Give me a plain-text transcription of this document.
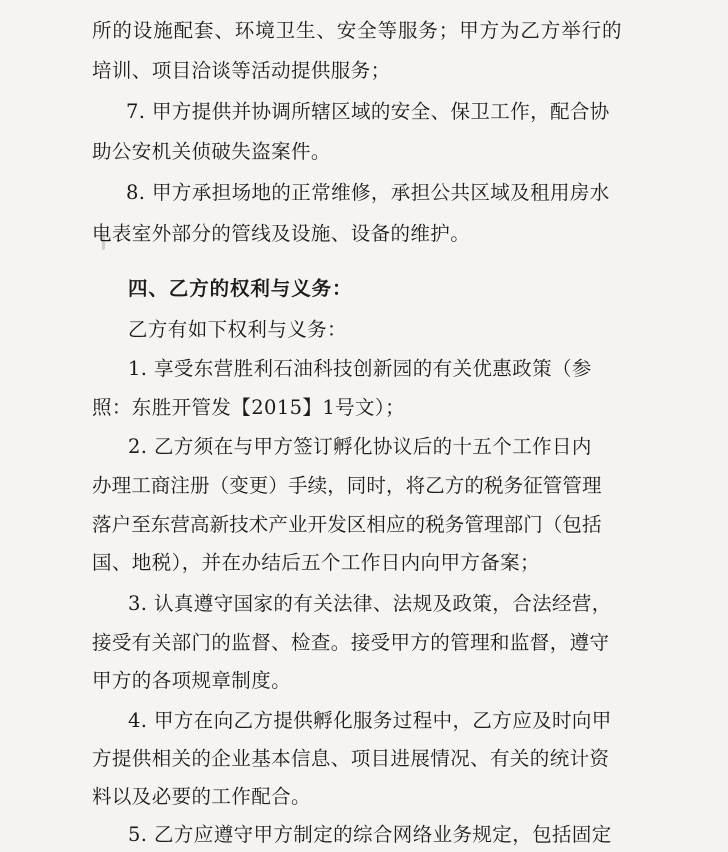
所的设施配套、环境卫生、安全等服务；甲方为乙方举行的
培训、项目洽谈等活动提供服务；
7. 甲方提供并协调所辖区域的安全、保卫工作，配合协
助公安机关侦破失盗案件。
8. 甲方承担场地的正常维修，承担公共区域及租用房水
电表室外部分的管线及设施、设备的维护。
四、乙方的权利与义务：
乙方有如下权利与义务：
1. 享受东营胜利石油科技创新园的有关优惠政策（参
照：东胜开管发【2015】1号文）；
2. 乙方须在与甲方签订孵化协议后的十五个工作日内
办理工商注册（变更）手续，同时，将乙方的税务征管管理
落户至东营高新技术产业开发区相应的税务管理部门（包括
国、地税），并在办结后五个工作日内向甲方备案；
3. 认真遵守国家的有关法律、法规及政策，合法经营，
接受有关部门的监督、检查。接受甲方的管理和监督，遵守
甲方的各项规章制度。
4. 甲方在向乙方提供孵化服务过程中，乙方应及时向甲
方提供相关的企业基本信息、项目进展情况、有关的统计资
料以及必要的工作配合。
5. 乙方应遵守甲方制定的综合网络业务规定，包括固定
